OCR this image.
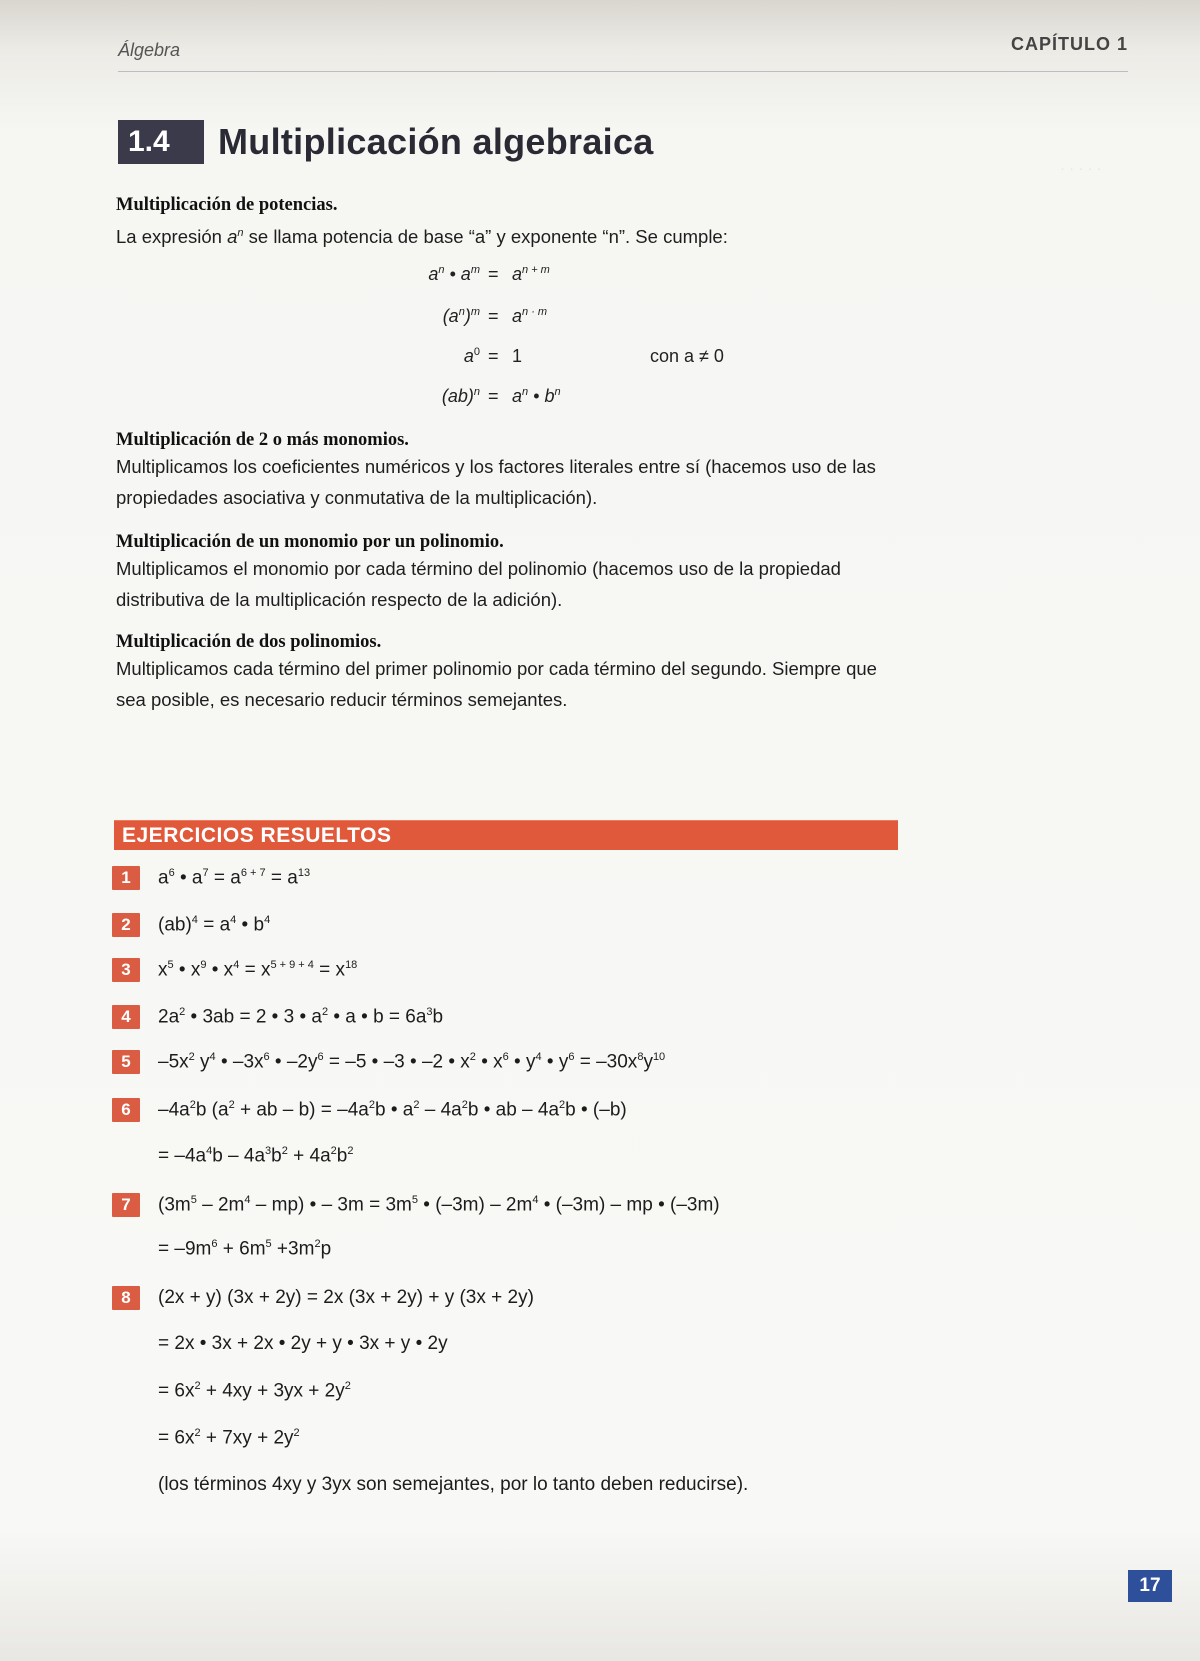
· · · · ·
Álgebra	CAPÍTULO 1
1.4	Multiplicación algebraica
Multiplicación de potencias.
La expresión $a^n$ se llama potencia de base “a” y exponente “n”. Se cumple:
$a^n$ • $a^m = a^{n + m}$
$(a^n)^m = a^{n \cdot m}$
$a^0 = 1$	con a ≠ 0
$(ab)^n = a^n$ • $b^n$
Multiplicación de 2 o más monomios.
Multiplicamos los coeficientes numéricos y los factores literales entre sí (hacemos uso de las propiedades asociativa y conmutativa de la multiplicación).
Multiplicación de un monomio por un polinomio.
Multiplicamos el monomio por cada término del polinomio (hacemos uso de la propiedad distributiva de la multiplicación respecto de la adición).
Multiplicación de dos polinomios.
Multiplicamos cada término del primer polinomio por cada término del segundo. Siempre que sea posible, es necesario reducir términos semejantes.
EJERCICIOS RESUELTOS
1	$a^6$ • $a^7 = a^{6 + 7} = a^{13}$
2	$(ab)^4 = a^4$ • $b^4$
3	$x^5$ • $x^9$ • $x^4 = x^{5 + 9 + 4} = x^{18}$
4	$2a^2$ • 3ab = 2 • 3 • $a^2$ • a • $b = 6a^3b$
5	$-5x^2$ $y^4$ • $-3x^6$ • $-2y^6 = -5$ • –3 • –2 • $x^2$ • $x^6$ • $y^4$ • $y^6 = -30x^8y^{10}$
6	$-4a^2b$ ($a^2$ + ab – $b) = -4a^2b$ • $a^2 - 4a^2b$ • ab – $4a^2b$ • (–b)
= $-4a^4b - 4a^3b^2 + 4a^2b^2$
7	$(3m^5 - 2m^4 - mp)$ • – $3m = 3m^5$ • $(-3m) - 2m^4$ • (–3m) – mp • (–3m)
= $-9m^6 + 6m^5 +3m^2p$
8	(2x + y) (3x + 2y) = 2x (3x + 2y) + y (3x + 2y)
= 2x • 3x + 2x • 2y + y • 3x + y • 2y
= $6x^2 + 4xy + 3yx + 2y^2$
= $6x^2 + 7xy + 2y^2$
(los términos 4xy y 3yx son semejantes, por lo tanto deben reducirse).
17
